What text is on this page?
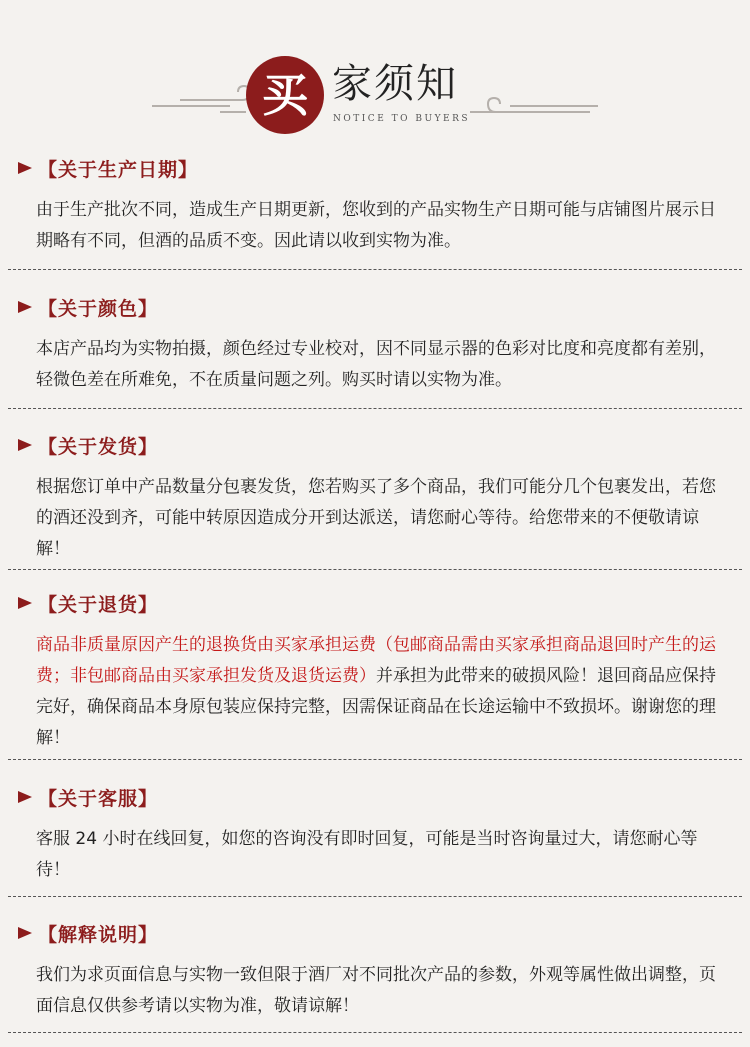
买 家须知
NOTICE TO BUYERS
【关于生产日期】
由于生产批次不同，造成生产日期更新，您收到的产品实物生产日期可能与店铺图片展示日期略有不同，但酒的品质不变。因此请以收到实物为准。
【关于颜色】
本店产品均为实物拍摄，颜色经过专业校对，因不同显示器的色彩对比度和亮度都有差别，轻微色差在所难免，不在质量问题之列。购买时请以实物为准。
【关于发货】
根据您订单中产品数量分包裹发货，您若购买了多个商品，我们可能分几个包裹发出，若您的酒还没到齐，可能中转原因造成分开到达派送，请您耐心等待。给您带来的不便敬请谅解！
【关于退货】
商品非质量原因产生的退换货由买家承担运费（包邮商品需由买家承担商品退回时产生的运费；非包邮商品由买家承担发货及退货运费）并承担为此带来的破损风险！退回商品应保持完好，确保商品本身原包装应保持完整，因需保证商品在长途运输中不致损坏。谢谢您的理解！
【关于客服】
客服 24 小时在线回复，如您的咨询没有即时回复，可能是当时咨询量过大，请您耐心等待！
【解释说明】
我们为求页面信息与实物一致但限于酒厂对不同批次产品的参数，外观等属性做出调整，页面信息仅供参考请以实物为准，敬请谅解！
